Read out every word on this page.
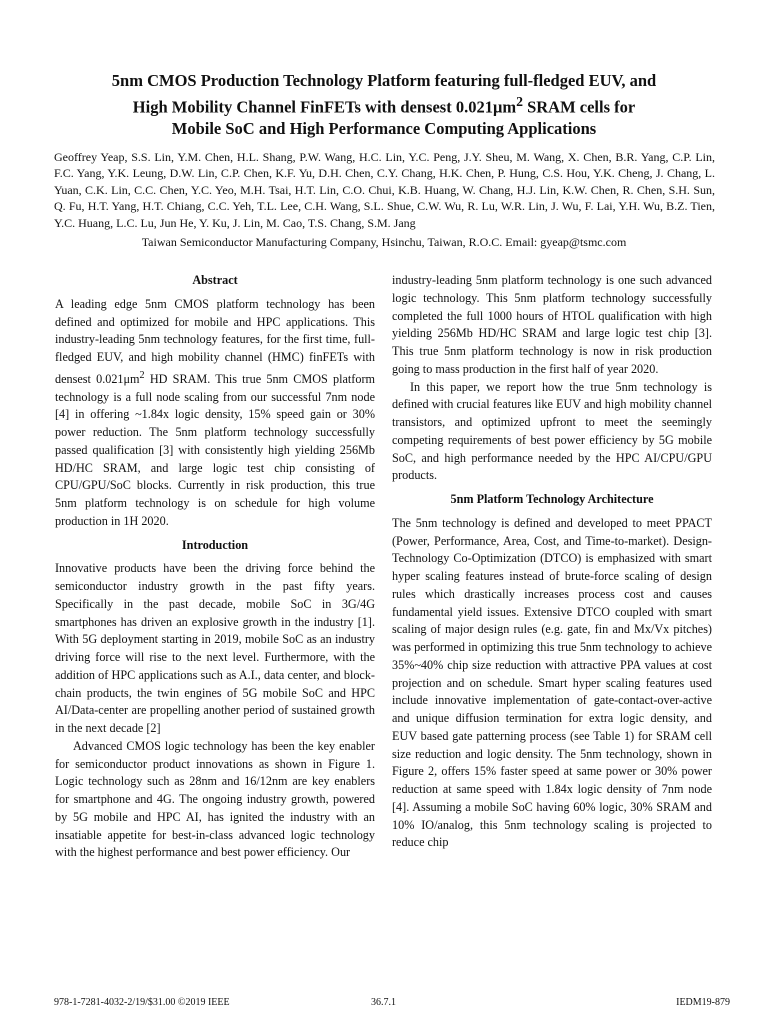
5nm CMOS Production Technology Platform featuring full-fledged EUV, and
High Mobility Channel FinFETs with densest $0.021\mu m^2$ SRAM cells for
Mobile SoC and High Performance Computing Applications
Geoffrey Yeap, S.S. Lin, Y.M. Chen, H.L. Shang, P.W. Wang, H.C. Lin, Y.C. Peng, J.Y. Sheu, M. Wang, X. Chen, B.R. Yang, C.P. Lin, F.C. Yang, Y.K. Leung, D.W. Lin, C.P. Chen, K.F. Yu, D.H. Chen, C.Y. Chang, H.K. Chen, P. Hung, C.S. Hou, Y.K. Cheng, J. Chang, L. Yuan, C.K. Lin, C.C. Chen, Y.C. Yeo, M.H. Tsai, H.T. Lin, C.O. Chui, K.B. Huang, W. Chang, H.J. Lin, K.W. Chen, R. Chen, S.H. Sun, Q. Fu, H.T. Yang, H.T. Chiang, C.C. Yeh, T.L. Lee, C.H. Wang, S.L. Shue, C.W. Wu, R. Lu, W.R. Lin, J. Wu, F. Lai, Y.H. Wu, B.Z. Tien, Y.C. Huang, L.C. Lu, Jun He, Y. Ku, J. Lin, M. Cao, T.S. Chang, S.M. Jang
Taiwan Semiconductor Manufacturing Company, Hsinchu, Taiwan, R.O.C. Email: gyeap@tsmc.com
Abstract

A leading edge 5nm CMOS platform technology has been defined and optimized for mobile and HPC applications. This industry-leading 5nm technology features, for the first time, full-fledged EUV, and high mobility channel (HMC) finFETs with densest $0.021\mu m^2$ HD SRAM. This true 5nm CMOS platform technology is a full node scaling from our successful 7nm node [4] in offering ~1.84x logic density, 15% speed gain or 30% power reduction. The 5nm platform technology successfully passed qualification [3] with consistently high yielding 256Mb HD/HC SRAM, and large logic test chip consisting of CPU/GPU/SoC blocks. Currently in risk production, this true 5nm platform technology is on schedule for high volume production in 1H 2020.

Introduction

Innovative products have been the driving force behind the semiconductor industry growth in the past fifty years. Specifically in the past decade, mobile SoC in 3G/4G smartphones has driven an explosive growth in the industry [1]. With 5G deployment starting in 2019, mobile SoC as an industry driving force will rise to the next level. Furthermore, with the addition of HPC applications such as A.I., data center, and block-chain products, the twin engines of 5G mobile SoC and HPC AI/Data-center are propelling another period of sustained growth in the next decade [2]

Advanced CMOS logic technology has been the key enabler for semiconductor product innovations as shown in Figure 1. Logic technology such as 28nm and 16/12nm are key enablers for smartphone and 4G. The ongoing industry growth, powered by 5G mobile and HPC AI, has ignited the industry with an insatiable appetite for best-in-class advanced logic technology with the highest performance and best power efficiency. Our

industry-leading 5nm platform technology is one such advanced logic technology. This 5nm platform technology successfully completed the full 1000 hours of HTOL qualification with high yielding 256Mb HD/HC SRAM and large logic test chip [3]. This true 5nm platform technology is now in risk production going to mass production in the first half of year 2020.

In this paper, we report how the true 5nm technology is defined with crucial features like EUV and high mobility channel transistors, and optimized upfront to meet the seemingly competing requirements of best power efficiency by 5G mobile SoC, and high performance needed by the HPC AI/CPU/GPU products.

5nm Platform Technology Architecture

The 5nm technology is defined and developed to meet PPACT (Power, Performance, Area, Cost, and Time-to-market). Design-Technology Co-Optimization (DTCO) is emphasized with smart hyper scaling features instead of brute-force scaling of design rules which drastically increases process cost and causes fundamental yield issues. Extensive DTCO coupled with smart scaling of major design rules (e.g. gate, fin and Mx/Vx pitches) was performed in optimizing this true 5nm technology to achieve 35%~40% chip size reduction with attractive PPA values at cost projection and on schedule. Smart hyper scaling features used include innovative implementation of gate-contact-over-active and unique diffusion termination for extra logic density, and EUV based gate patterning process (see Table 1) for SRAM cell size reduction and logic density. The 5nm technology, shown in Figure 2, offers 15% faster speed at same power or 30% power reduction at same speed with 1.84x logic density of 7nm node [4]. Assuming a mobile SoC having 60% logic, 30% SRAM and 10% IO/analog, this 5nm technology scaling is projected to reduce chip

978-1-7281-4032-2/19/$31.00 ©2019 IEEE	36.7.1	IEDM19-879
